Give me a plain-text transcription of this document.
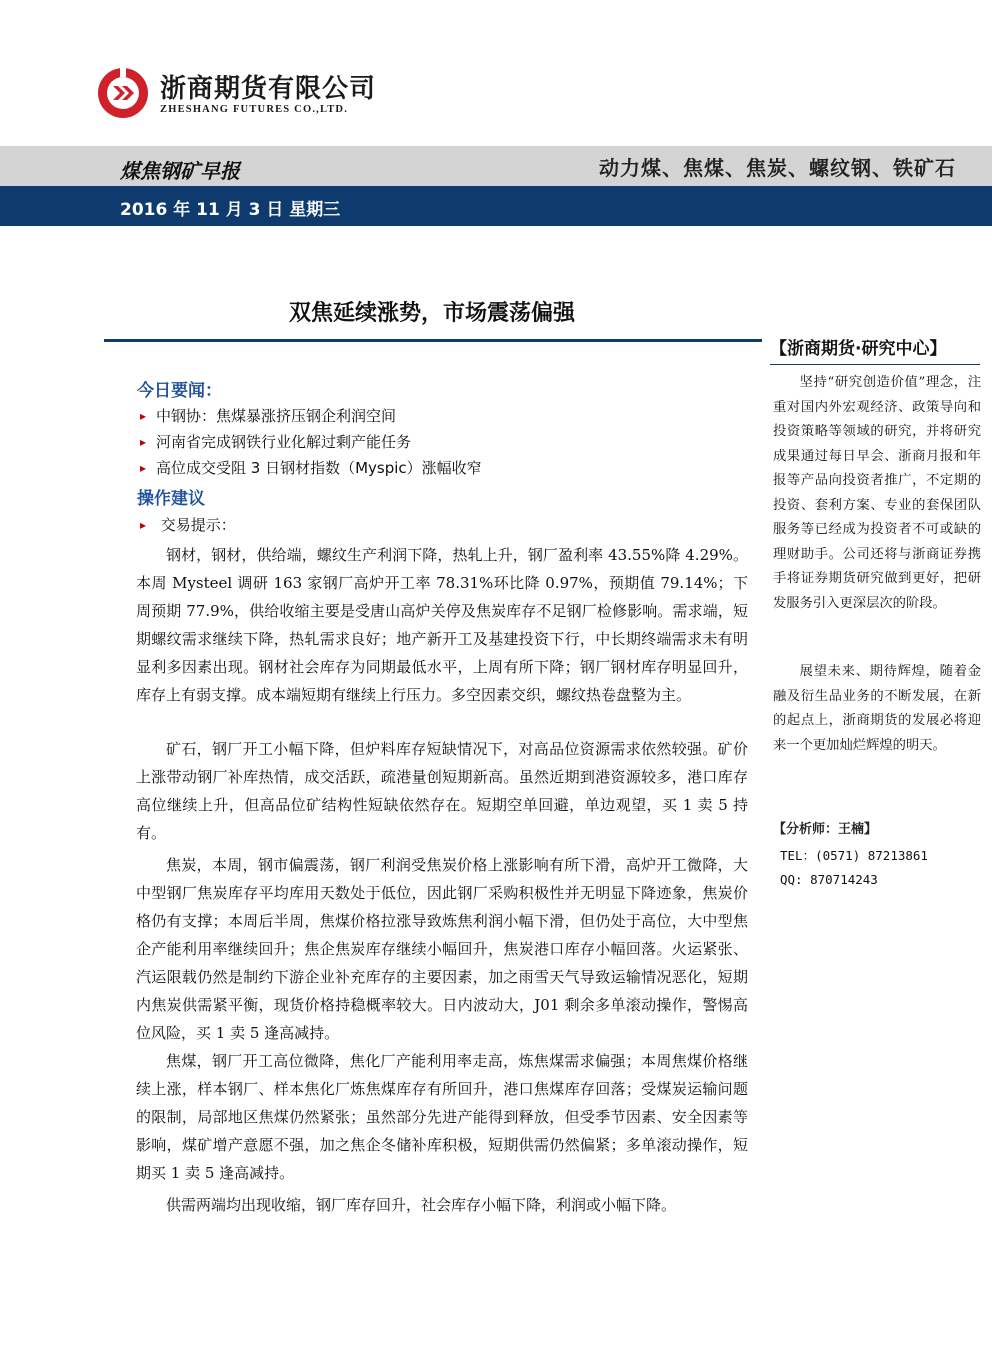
浙商期货有限公司
ZHESHANG FUTURES CO.,LTD.
煤焦钢矿早报	动力煤、焦煤、焦炭、螺纹钢、铁矿石
2016 年 11 月 3 日 星期三
双焦延续涨势，市场震荡偏强
【浙商期货·研究中心】

坚持“研究创造价值”理念，注重对国内外宏观经济、政策导向和投资策略等领域的研究，并将研究成果通过每日早会、浙商月报和年报等产品向投资者推广，不定期的投资、套利方案、专业的套保团队服务等已经成为投资者不可或缺的理财助手。公司还将与浙商证券携手将证券期货研究做到更好，把研发服务引入更深层次的阶段。

展望未来、期待辉煌，随着金融及衍生品业务的不断发展，在新的起点上，浙商期货的发展必将迎来一个更加灿烂辉煌的明天。

【分析师：王楠】
TEL：(0571) 87213861
QQ: 870714243
今日要闻：
▸ 中钢协：焦煤暴涨挤压钢企利润空间
▸ 河南省完成钢铁行业化解过剩产能任务
▸ 高位成交受阻 3 日钢材指数（Myspic）涨幅收窄
操作建议
▸ 交易提示：

钢材，钢材，供给端，螺纹生产利润下降，热轧上升，钢厂盈利率 43.55%降 4.29%。本周 Mysteel 调研 163 家钢厂高炉开工率 78.31%环比降 0.97%，预期值 79.14%；下周预期 77.9%，供给收缩主要是受唐山高炉关停及焦炭库存不足钢厂检修影响。需求端，短期螺纹需求继续下降，热轧需求良好；地产新开工及基建投资下行，中长期终端需求未有明显利多因素出现。钢材社会库存为同期最低水平，上周有所下降；钢厂钢材库存明显回升，库存上有弱支撑。成本端短期有继续上行压力。多空因素交织，螺纹热卷盘整为主。

矿石，钢厂开工小幅下降，但炉料库存短缺情况下，对高品位资源需求依然较强。矿价上涨带动钢厂补库热情，成交活跃，疏港量创短期新高。虽然近期到港资源较多，港口库存高位继续上升，但高品位矿结构性短缺依然存在。短期空单回避，单边观望，买 1 卖 5 持有。

焦炭，本周，钢市偏震荡，钢厂利润受焦炭价格上涨影响有所下滑，高炉开工微降，大中型钢厂焦炭库存平均库用天数处于低位，因此钢厂采购积极性并无明显下降迹象，焦炭价格仍有支撑；本周后半周，焦煤价格拉涨导致炼焦利润小幅下滑，但仍处于高位，大中型焦企产能利用率继续回升；焦企焦炭库存继续小幅回升，焦炭港口库存小幅回落。火运紧张、汽运限载仍然是制约下游企业补充库存的主要因素，加之雨雪天气导致运输情况恶化，短期内焦炭供需紧平衡，现货价格持稳概率较大。日内波动大，J01 剩余多单滚动操作，警惕高位风险，买 1 卖 5 逢高减持。

焦煤，钢厂开工高位微降，焦化厂产能利用率走高，炼焦煤需求偏强；本周焦煤价格继续上涨，样本钢厂、样本焦化厂炼焦煤库存有所回升，港口焦煤库存回落；受煤炭运输问题的限制，局部地区焦煤仍然紧张；虽然部分先进产能得到释放，但受季节因素、安全因素等影响，煤矿增产意愿不强，加之焦企冬储补库积极，短期供需仍然偏紧；多单滚动操作，短期买 1 卖 5 逢高减持。

供需两端均出现收缩，钢厂库存回升，社会库存小幅下降，利润或小幅下降。
